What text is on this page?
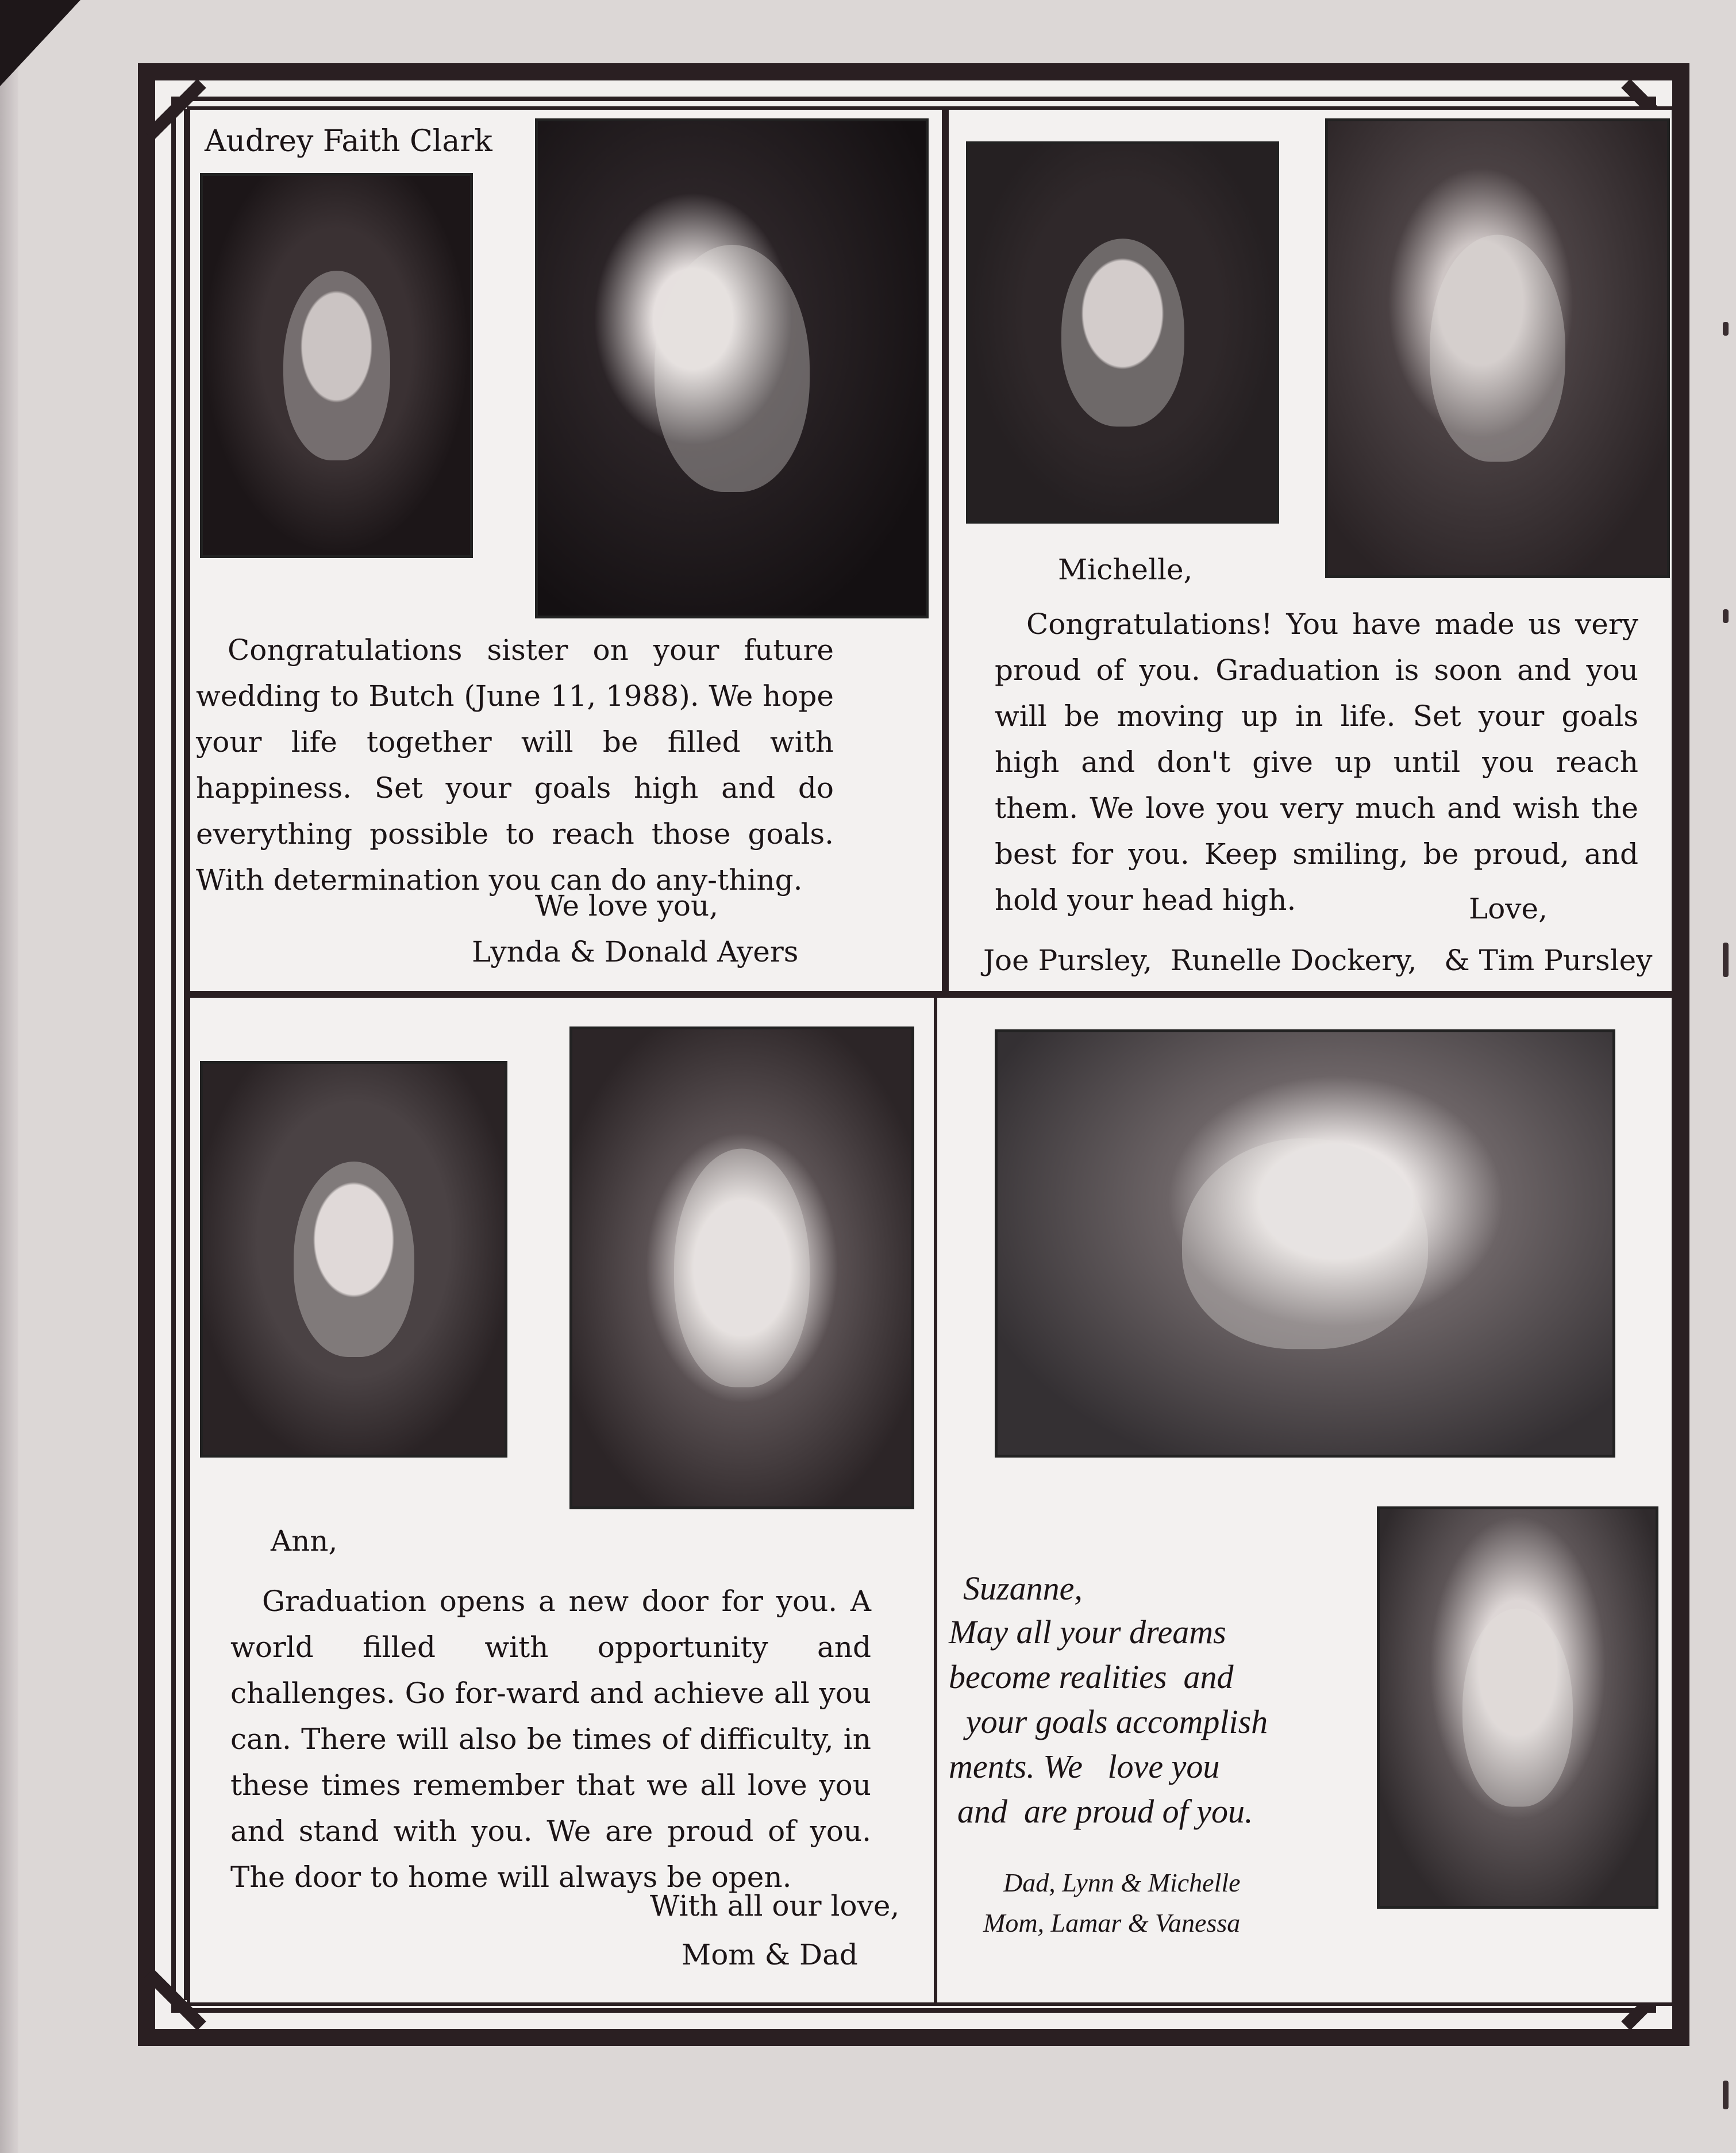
Audrey Faith Clark
Congratulations sister on your future wedding to Butch (June 11, 1988). We hope your life together will be filled with happiness. Set your goals high and do everything possible to reach those goals. With determination you can do any-thing.
We love you,
Lynda & Donald Ayers
Michelle,
Congratulations! You have made us very proud of you. Graduation is soon and you will be moving up in life. Set your goals high and don't give up until you reach them. We love you very much and wish the best for you. Keep smiling, be proud, and hold your head high.	Love,
Joe Pursley,  Runelle Dockery,   & Tim Pursley
Ann,
Graduation opens a new door for you. A world filled with opportunity and challenges. Go for-ward and achieve all you can. There will also be times of difficulty, in these times remember that we all love you and stand with you. We are proud of you. The door to home will always be open.
With all our love,
Mom & Dad
Suzanne,
May all your dreams
become realities  and
your goals accomplish
ments. We   love you
and  are proud of you.
Dad, Lynn & Michelle
Mom, Lamar & Vanessa
